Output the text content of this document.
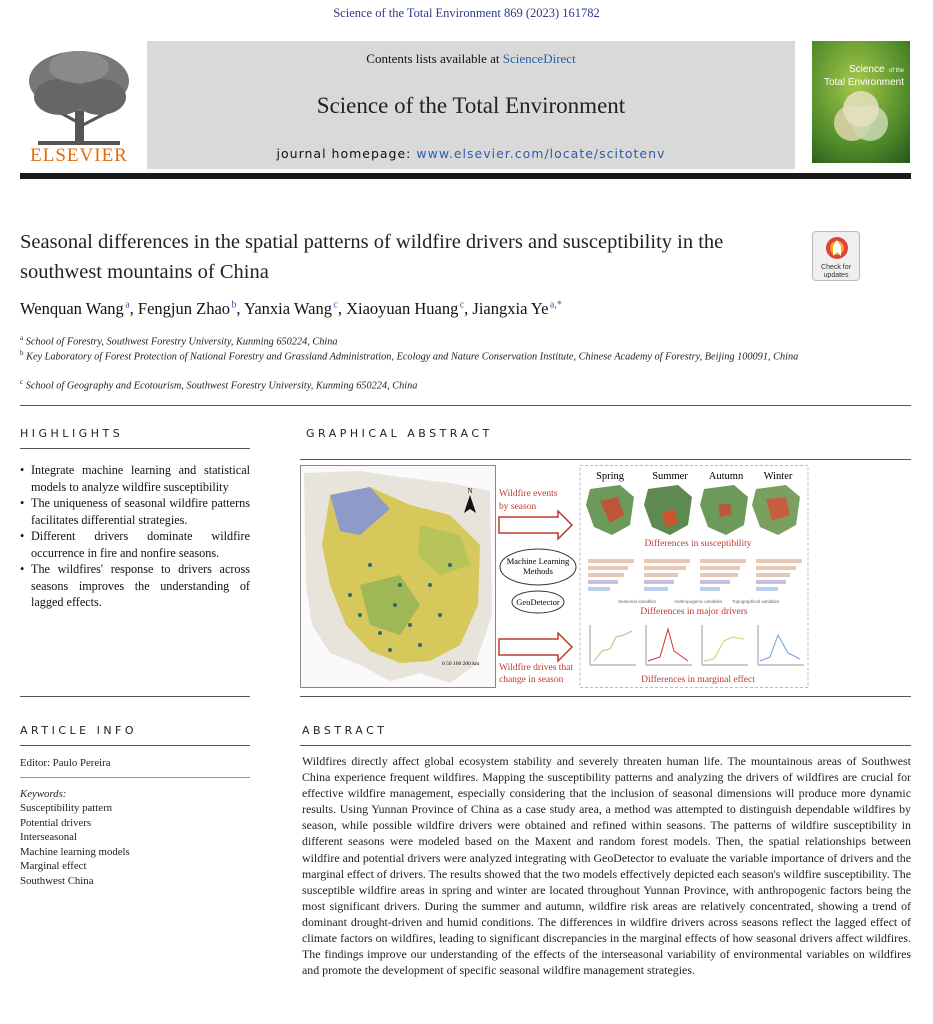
Science of the Total Environment 869 (2023) 161782
ELSEVIER
Contents lists available at ScienceDirect
Science of the Total Environment
journal homepage: www.elsevier.com/locate/scitotenv
Science of the
Total Environment
Seasonal differences in the spatial patterns of wildfire drivers and susceptibility in the southwest mountains of China	Check for updates
Wenquan Wang $^a$, Fengjun Zhao $^b$, Yanxia Wang $^c$, Xiaoyuan Huang $^c$, Jiangxia Ye $^{a,*}$
$^a$ School of Forestry, Southwest Forestry University, Kunming 650224, China
$^b$ Key Laboratory of Forest Protection of National Forestry and Grassland Administration, Ecology and Nature Conservation Institute, Chinese Academy of Forestry, Beijing 100091, China
$^c$ School of Geography and Ecotourism, Southwest Forestry University, Kunming 650224, China
HIGHLIGHTS
• Integrate machine learning and statistical models to analyze wildfire susceptibility
• The uniqueness of seasonal wildfire patterns facilitates differential strategies.
• Different drivers dominate wildfire occurrence in fire and nonfire seasons.
• The wildfires' response to drivers across seasons improves the understanding of lagged effects.
GRAPHICAL ABSTRACT
N
0 50 100 200 km
Wildfire events
by season
Machine Learning
Methods
GeoDetector
Wildfire drives that
change in season
Spring	Summer Autumn Winter
Differences in susceptibility
Seasonal variables	Anthropogenic variables Topographical variables
Differences in major drivers
Differences in marginal effect
ARTICLE INFO
Editor: Paulo Pereira
Keywords:
Susceptibility pattern
Potential drivers
Interseasonal
Machine learning models
Marginal effect
Southwest China
ABSTRACT
Wildfires directly affect global ecosystem stability and severely threaten human life. The mountainous areas of Southwest China experience frequent wildfires. Mapping the susceptibility patterns and analyzing the drivers of wildfires are crucial for effective wildfire management, especially considering that the inclusion of seasonal dimensions will produce more dynamic results. Using Yunnan Province of China as a case study area, a method was attempted to distinguish dependable wildfires by season, while possible wildfire drivers were obtained and refined within seasons. The patterns of wildfire susceptibility in different seasons were modeled based on the Maxent and random forest models. Then, the spatial relationships between wildfire and potential drivers were analyzed integrating with GeoDetector to evaluate the variable importance of drivers and the marginal effect of drivers. The results showed that the two models effectively depicted each season's wildfire susceptibility. The susceptible wildfire areas in spring and winter are located throughout Yunnan Province, with anthropogenic factors being the most significant drivers. During the summer and autumn, wildfire risk areas are relatively concentrated, showing a trend of dominant drought-driven and humid conditions. The differences in wildfire drivers across seasons reflect the lagged effect of climate factors on wildfires, leading to significant discrepancies in the marginal effects of how seasonal drivers affect wildfires. The findings improve our understanding of the effects of the interseasonal variability of environmental variables on wildfires and promote the development of specific seasonal wildfire management strategies.
